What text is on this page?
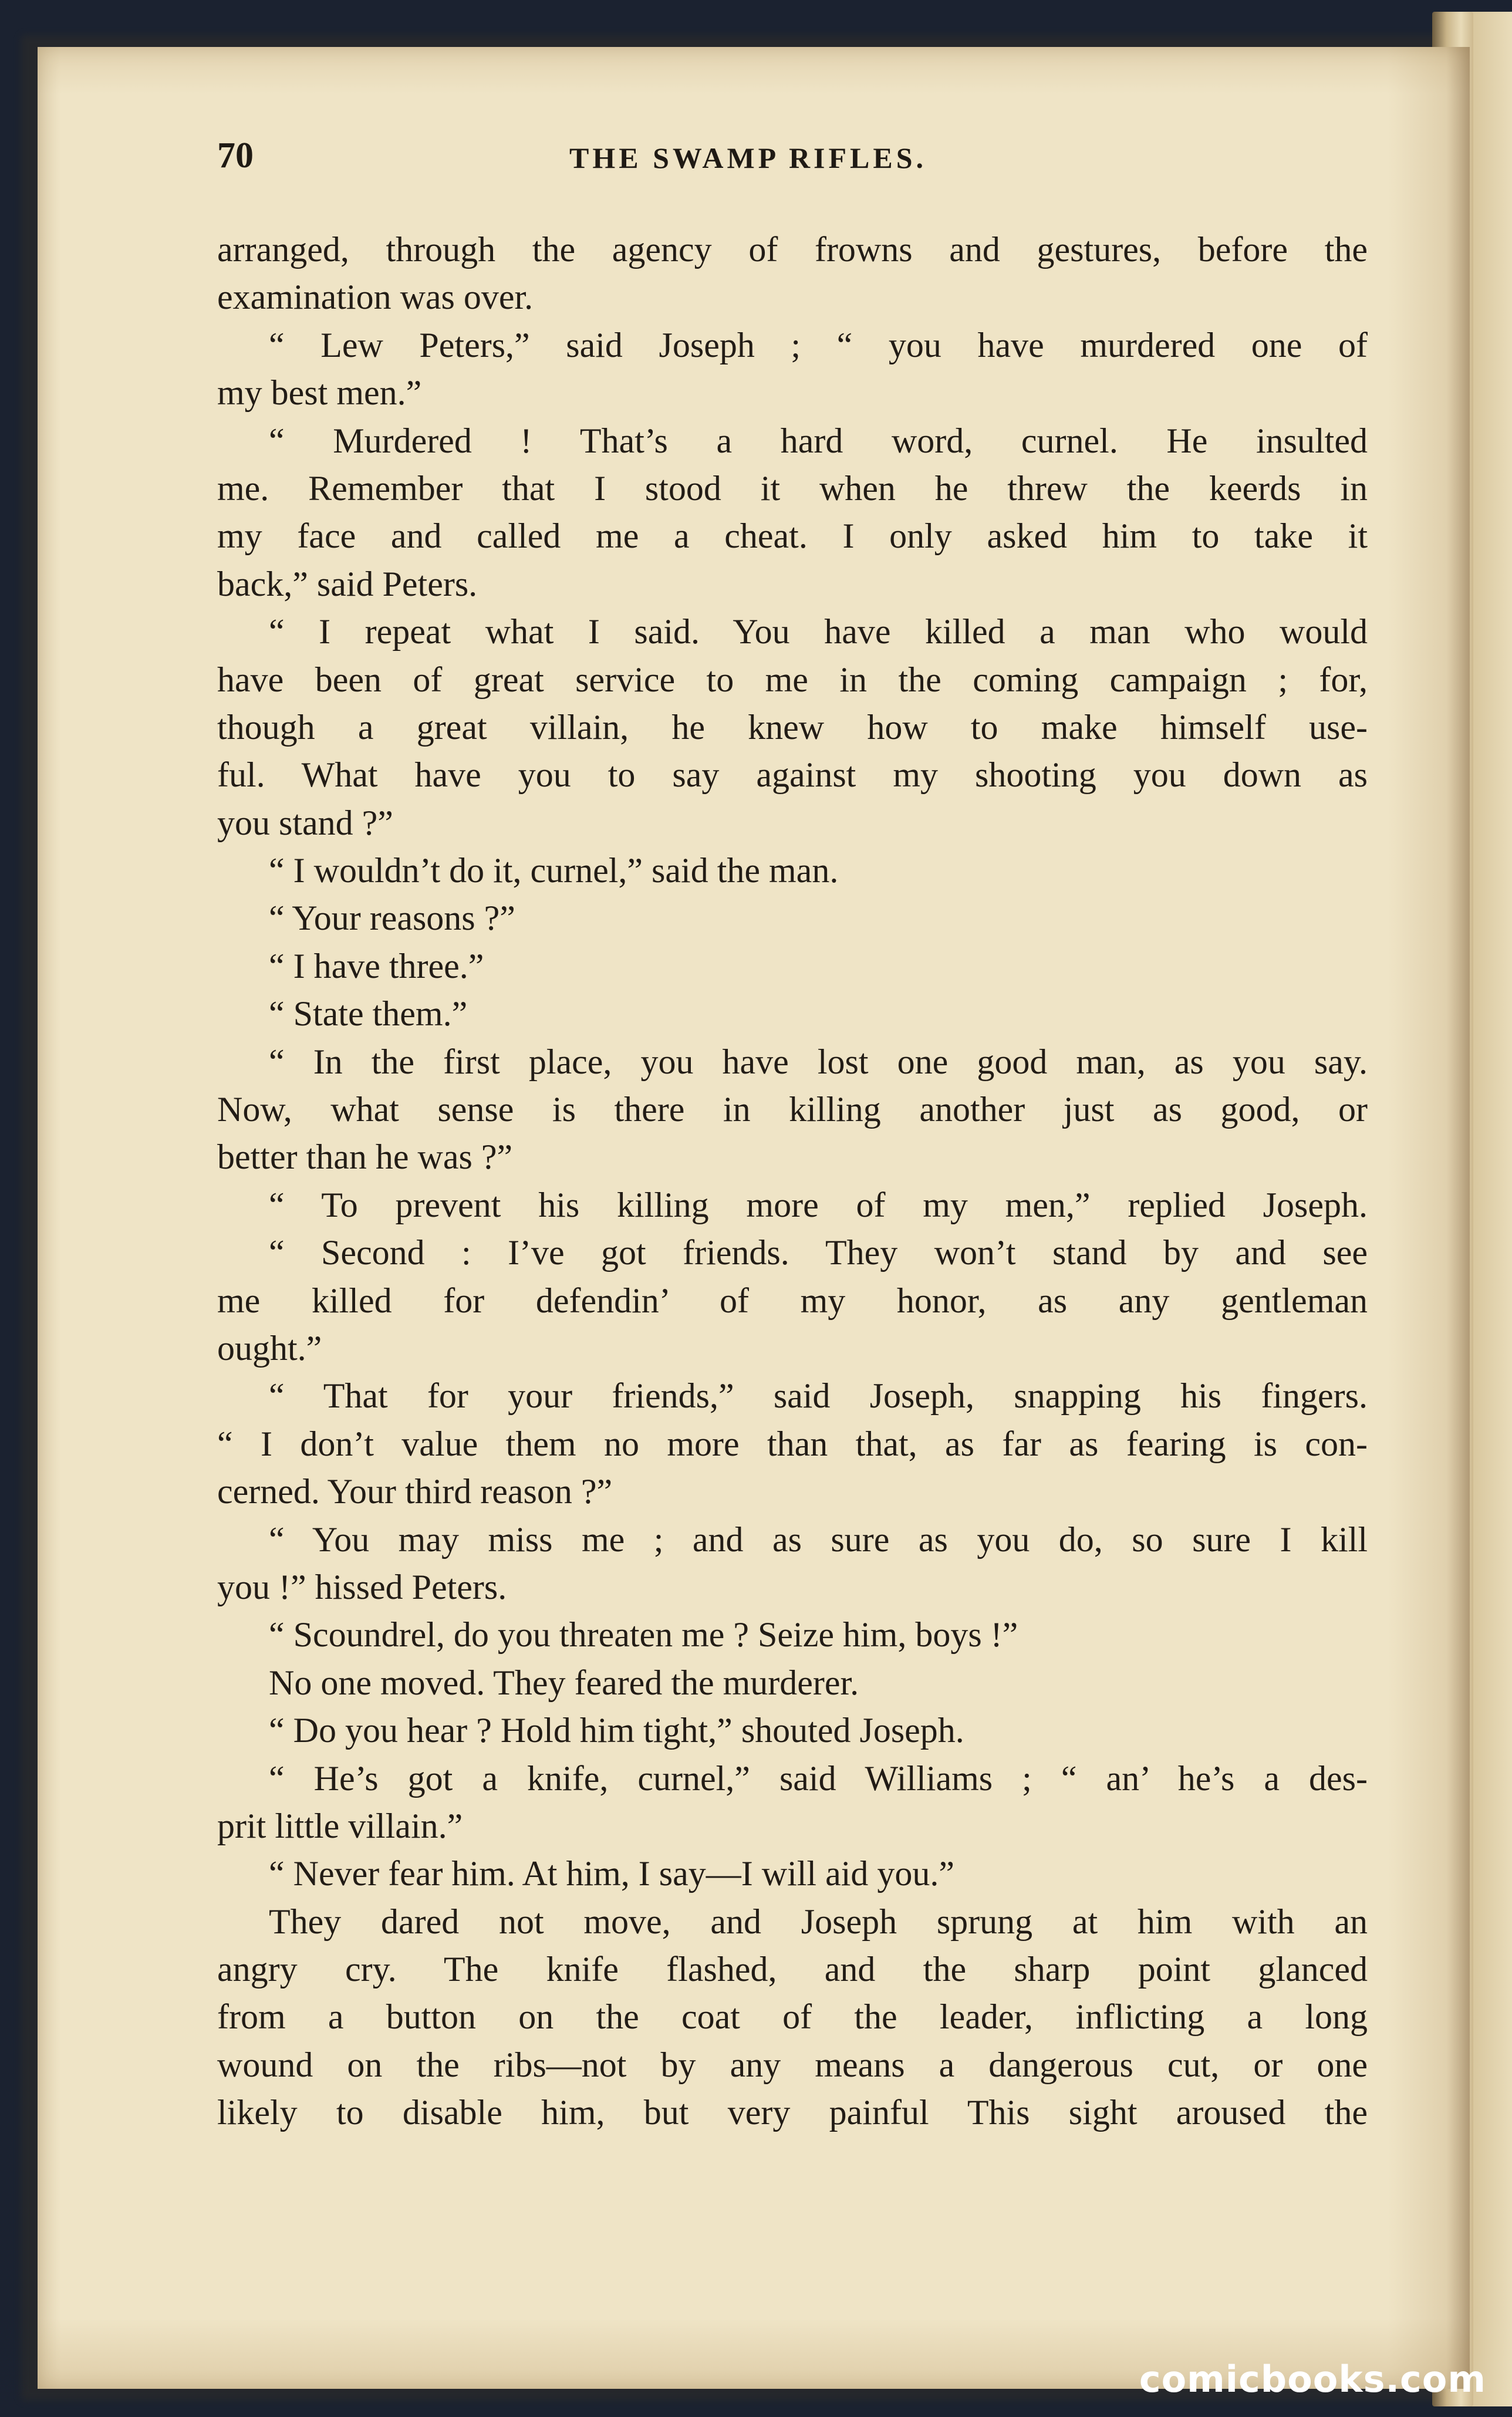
70	THE SWAMP RIFLES.
arranged, through the agency of frowns and gestures, before the
examination was over.
“ Lew Peters,” said Joseph ; “ you have murdered one of
my best men.”
“ Murdered ! That’s a hard word, curnel. He insulted
me. Remember that I stood it when he threw the keerds in
my face and called me a cheat. I only asked him to take it
back,” said Peters.
“ I repeat what I said. You have killed a man who would
have been of great service to me in the coming campaign ; for,
though a great villain, he knew how to make himself use-
ful. What have you to say against my shooting you down as
you stand ?”
“ I wouldn’t do it, curnel,” said the man.
“ Your reasons ?”
“ I have three.”
“ State them.”
“ In the first place, you have lost one good man, as you say.
Now, what sense is there in killing another just as good, or
better than he was ?”
“ To prevent his killing more of my men,” replied Joseph.
“ Second : I’ve got friends. They won’t stand by and see
me killed for defendin’ of my honor, as any gentleman
ought.”
“ That for your friends,” said Joseph, snapping his fingers.
“ I don’t value them no more than that, as far as fearing is con-
cerned. Your third reason ?”
“ You may miss me ; and as sure as you do, so sure I kill
you !” hissed Peters.
“ Scoundrel, do you threaten me ? Seize him, boys !”
No one moved. They feared the murderer.
“ Do you hear ? Hold him tight,” shouted Joseph.
“ He’s got a knife, curnel,” said Williams ; “ an’ he’s a des-
prit little villain.”
“ Never fear him. At him, I say—I will aid you.”
They dared not move, and Joseph sprung at him with an
angry cry. The knife flashed, and the sharp point glanced
from a button on the coat of the leader, inflicting a long
wound on the ribs—not by any means a dangerous cut, or one
likely to disable him, but very painful This sight aroused the
comicbooks.com
